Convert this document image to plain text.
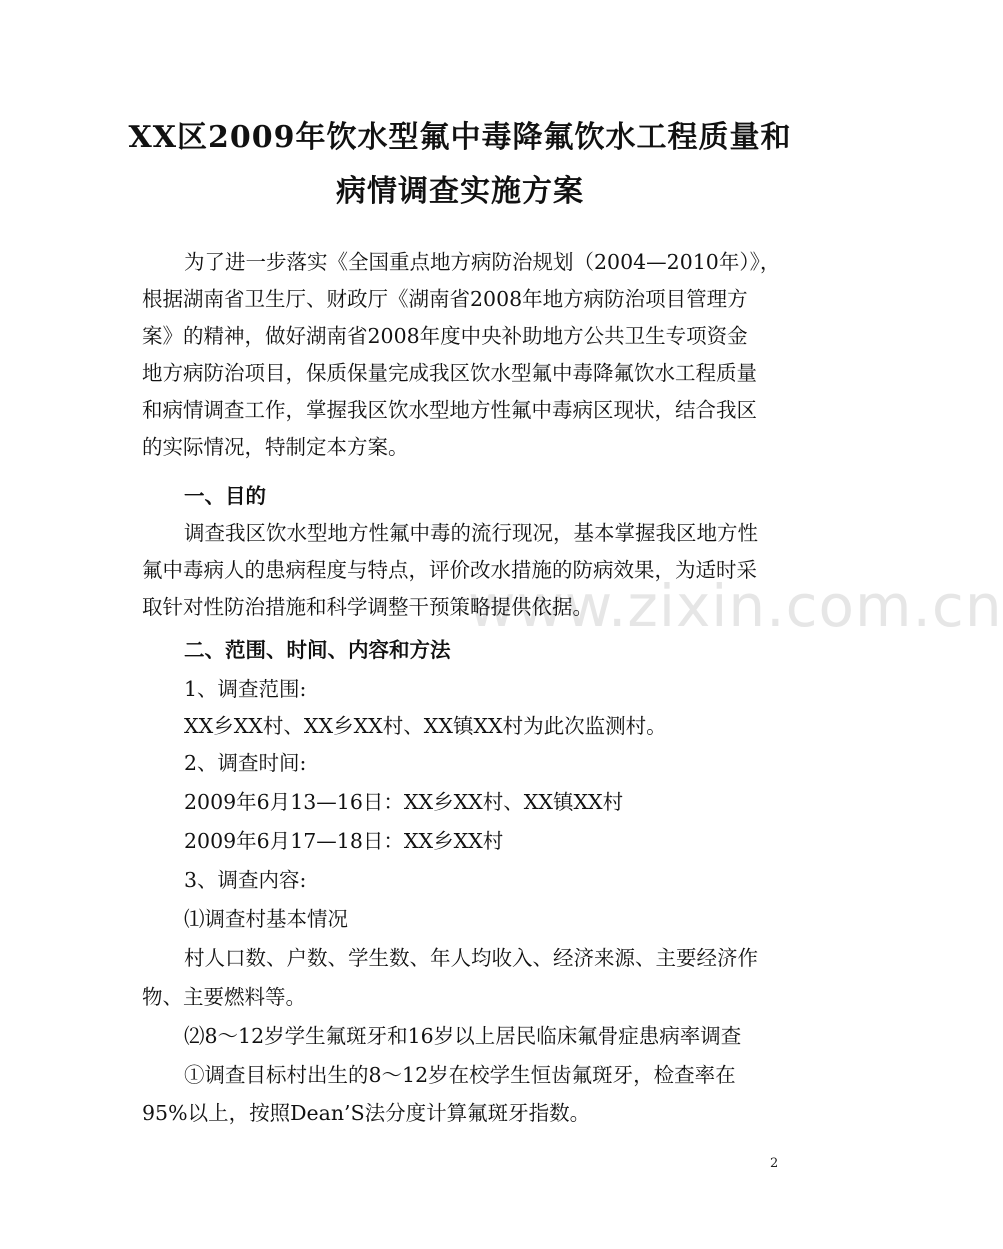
XX区2009年饮水型氟中毒降氟饮水工程质量和
病情调查实施方案
www.zixin.com.cn
为了进一步落实《全国重点地方病防治规划（2004—2010年）》，
根据湖南省卫生厅、财政厅《湖南省2008年地方病防治项目管理方
案》的精神，做好湖南省2008年度中央补助地方公共卫生专项资金
地方病防治项目，保质保量完成我区饮水型氟中毒降氟饮水工程质量
和病情调查工作，掌握我区饮水型地方性氟中毒病区现状，结合我区
的实际情况，特制定本方案。
一、目的
调查我区饮水型地方性氟中毒的流行现况，基本掌握我区地方性
氟中毒病人的患病程度与特点，评价改水措施的防病效果，为适时采
取针对性防治措施和科学调整干预策略提供依据。
二、范围、时间、内容和方法
1、调查范围:
XX乡XX村、XX乡XX村、XX镇XX村为此次监测村。
2、调查时间:
2009年6月13—16日：XX乡XX村、XX镇XX村
2009年6月17—18日：XX乡XX村
3、调查内容:
⑴调查村基本情况
村人口数、户数、学生数、年人均收入、经济来源、主要经济作
物、主要燃料等。
⑵8～12岁学生氟斑牙和16岁以上居民临床氟骨症患病率调查
①调查目标村出生的8～12岁在校学生恒齿氟斑牙，检查率在
95%以上，按照Dean’S法分度计算氟斑牙指数。
2
